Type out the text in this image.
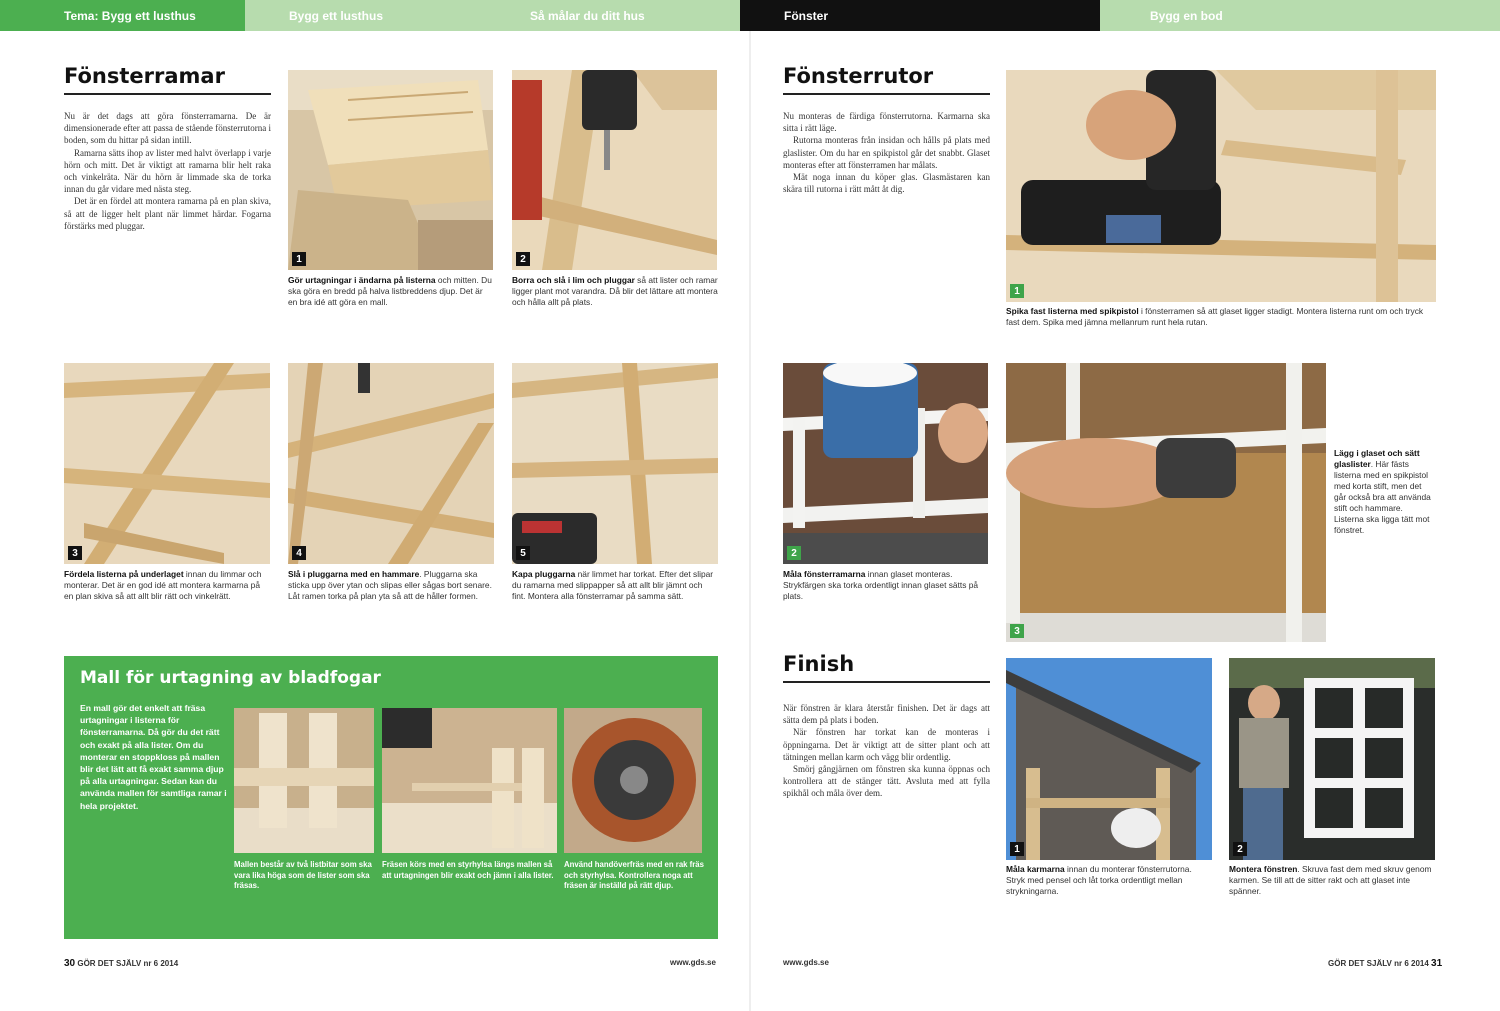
Tema: Bygg ett lusthus	Bygg ett lusthus	Så målar du ditt hus	Fönster	Bygg en bod
Fönsterramar

Nu är det dags att göra fönsterramarna. De är dimensionerade efter att passa de stående fönsterrutorna i boden, som du hittar på sidan intill.

Ramarna sätts ihop av lister med halvt överlapp i varje hörn och mitt. Det är viktigt att ramarna blir helt raka och vinkelräta. När du hörn är limmade ska de torka innan du går vidare med nästa steg.

Det är en fördel att montera ramarna på en plan skiva, så att de ligger helt plant när limmet härdar. Fogarna förstärks med pluggar.

1
Gör urtagningar i ändarna på listerna och mitten. Du ska göra en bredd på halva listbreddens djup. Det är en bra idé att göra en mall.
2
Borra och slå i lim och pluggar så att lister och ramar ligger plant mot varandra. Då blir det lättare att montera och hålla allt på plats.
3
Fördela listerna på underlaget innan du limmar och monterar. Det är en god idé att montera karmarna på en plan skiva så att allt blir rätt och vinkelrätt.
4
Slå i pluggarna med en hammare. Pluggarna ska sticka upp över ytan och slipas eller sågas bort senare. Låt ramen torka på plan yta så att de håller formen.
5
Kapa pluggarna när limmet har torkat. Efter det slipar du ramarna med slippapper så att allt blir jämnt och fint. Montera alla fönsterramar på samma sätt.
Mall för urtagning av bladfogar
En mall gör det enkelt att fräsa urtagningar i listerna för fönsterramarna. Då gör du det rätt och exakt på alla lister. Om du monterar en stoppkloss på mallen blir det lätt att få exakt samma djup på alla urtagningar. Sedan kan du använda mallen för samtliga ramar i hela projektet.
Mallen består av två listbitar som ska vara lika höga som de lister som ska fräsas.
Fräsen körs med en styrhylsa längs mallen så att urtagningen blir exakt och jämn i alla lister.
Använd handöverfräs med en rak fräs och styrhylsa. Kontrollera noga att fräsen är inställd på rätt djup.
30 GÖR DET SJÄLV nr 6 2014	www.gds.se
Fönsterrutor

Nu monteras de färdiga fönsterrutorna. Karmarna ska sitta i rätt läge.

Rutorna monteras från insidan och hålls på plats med glaslister. Om du har en spikpistol går det snabbt. Glaset monteras efter att fönsterramen har målats.

Mät noga innan du köper glas. Glasmästaren kan skära till rutorna i rätt mått åt dig.

1
Spika fast listerna med spikpistol i fönsterramen så att glaset ligger stadigt. Montera listerna runt om och tryck fast dem. Spika med jämna mellanrum runt hela rutan.
2
Måla fönsterramarna innan glaset monteras. Strykfärgen ska torka ordentligt innan glaset sätts på plats.
3
Lägg i glaset och sätt glaslister. Här fästs listerna med en spikpistol med korta stift, men det går också bra att använda stift och hammare. Listerna ska ligga tätt mot fönstret.
Finish

När fönstren är klara återstår finishen. Det är dags att sätta dem på plats i boden.

När fönstren har torkat kan de monteras i öppningarna. Det är viktigt att de sitter plant och att tätningen mellan karm och vägg blir ordentlig.

Smörj gångjärnen om fönstren ska kunna öppnas och kontrollera att de stänger tätt. Avsluta med att fylla spikhål och måla över dem.

1
Måla karmarna innan du monterar fönsterrutorna. Stryk med pensel och låt torka ordentligt mellan strykningarna.
2
Montera fönstren. Skruva fast dem med skruv genom karmen. Se till att de sitter rakt och att glaset inte spänner.
www.gds.se	GÖR DET SJÄLV nr 6 2014 31
